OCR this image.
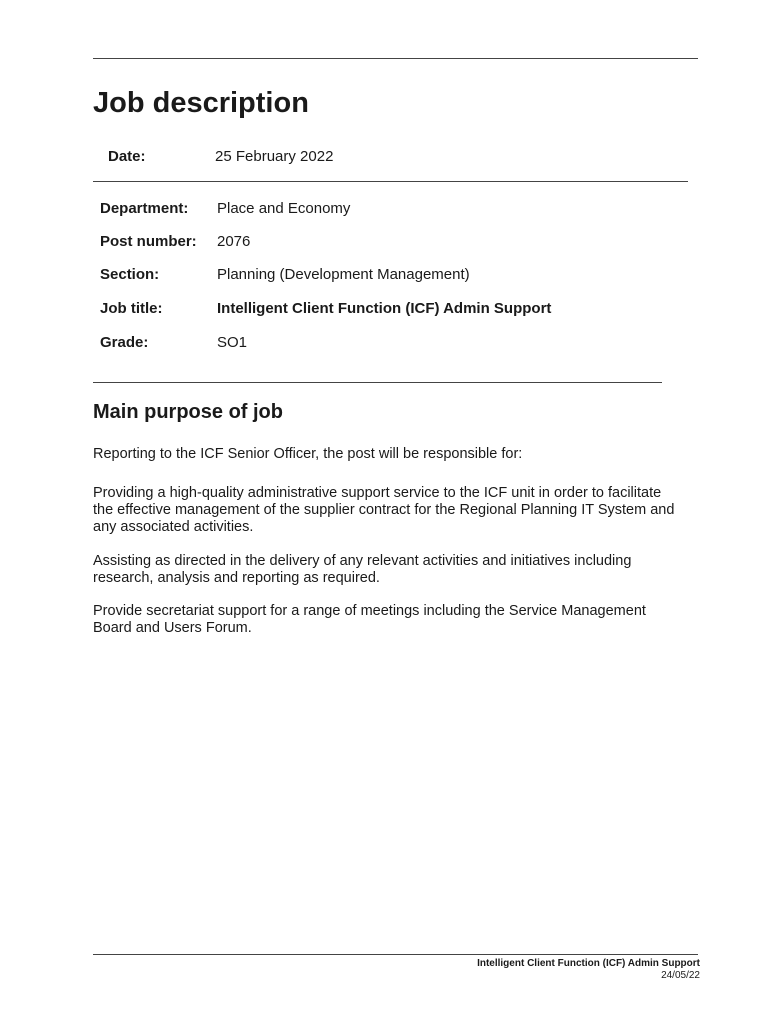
Job description
Date:	25 February 2022
Department: Place and Economy
Post number: 2076
Section:	Planning (Development Management)
Job title:	Intelligent Client Function (ICF) Admin Support
Grade:	SO1
Main purpose of job

Reporting to the ICF Senior Officer, the post will be responsible for:

Providing a high-quality administrative support service to the ICF unit in order to facilitate the effective management of the supplier contract for the Regional Planning IT System and any associated activities.

Assisting as directed in the delivery of any relevant activities and initiatives including research, analysis and reporting as required.

Provide secretariat support for a range of meetings including the Service Management Board and Users Forum.

Intelligent Client Function (ICF) Admin Support
24/05/22
